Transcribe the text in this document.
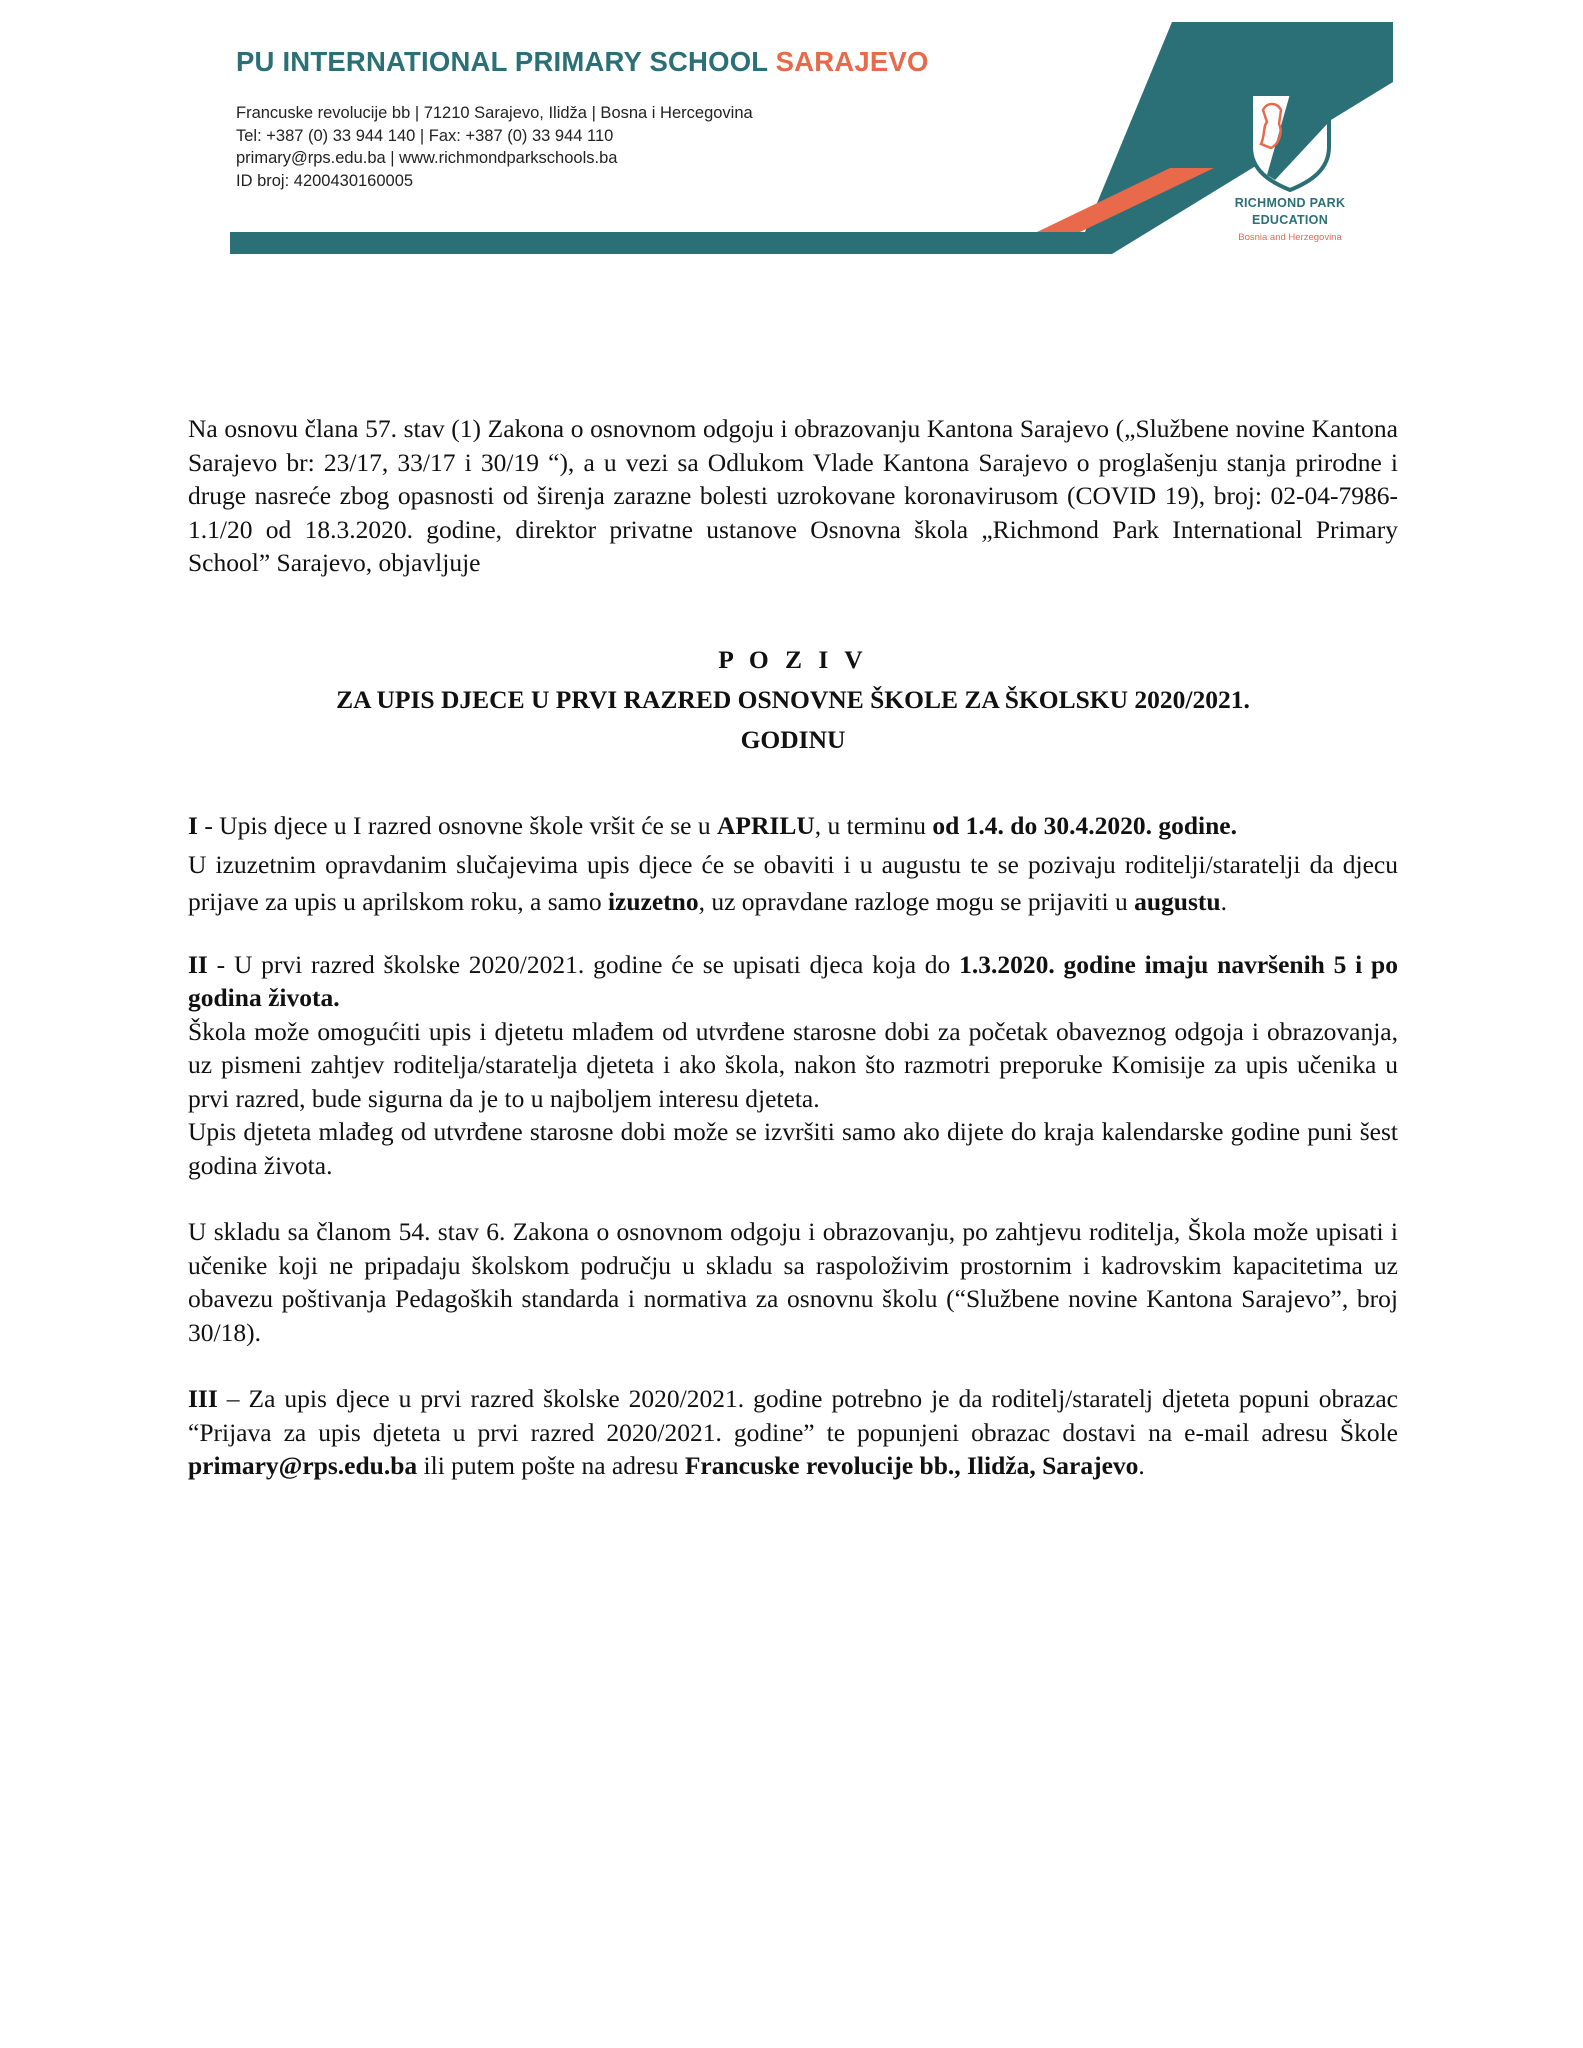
PU INTERNATIONAL PRIMARY SCHOOL SARAJEVO
Francuske revolucije bb | 71210 Sarajevo, Ilidža | Bosna i Hercegovina
Tel: +387 (0) 33 944 140 | Fax: +387 (0) 33 944 110
primary@rps.edu.ba | www.richmondparkschools.ba
ID broj: 4200430160005
RICHMOND PARK
EDUCATION
Bosnia and Herzegovina

Na osnovu člana 57. stav (1) Zakona o osnovnom odgoju i obrazovanju Kantona Sarajevo („Službene novine Kantona Sarajevo br: 23/17, 33/17 i 30/19 “), a u vezi sa Odlukom Vlade Kantona Sarajevo o proglašenju stanja prirodne i druge nasreće zbog opasnosti od širenja zarazne bolesti uzrokovane koronavirusom (COVID 19), broj: 02-04-7986-1.1/20 od 18.3.2020. godine, direktor privatne ustanove Osnovna škola „Richmond Park International Primary School” Sarajevo, objavljuje

P O Z I V

ZA UPIS DJECE U PRVI RAZRED OSNOVNE ŠKOLE ZA ŠKOLSKU 2020/2021.

GODINU

I - Upis djece u I razred osnovne škole vršit će se u APRILU, u terminu od 1.4. do 30.4.2020. godine.

U izuzetnim opravdanim slučajevima upis djece će se obaviti i u augustu te se pozivaju roditelji/staratelji da djecu prijave za upis u aprilskom roku, a samo izuzetno, uz opravdane razloge mogu se prijaviti u augustu.

II - U prvi razred školske 2020/2021. godine će se upisati djeca koja do 1.3.2020. godine imaju navršenih 5 i po godina života.

Škola može omogućiti upis i djetetu mlađem od utvrđene starosne dobi za početak obaveznog odgoja i obrazovanja, uz pismeni zahtjev roditelja/staratelja djeteta i ako škola, nakon što razmotri preporuke Komisije za upis učenika u prvi razred, bude sigurna da je to u najboljem interesu djeteta.

Upis djeteta mlađeg od utvrđene starosne dobi može se izvršiti samo ako dijete do kraja kalendarske godine puni šest godina života.

U skladu sa članom 54. stav 6. Zakona o osnovnom odgoju i obrazovanju, po zahtjevu roditelja, Škola može upisati i učenike koji ne pripadaju školskom području u skladu sa raspoloživim prostornim i kadrovskim kapacitetima uz obavezu poštivanja Pedagoških standarda i normativa za osnovnu školu (“Službene novine Kantona Sarajevo”, broj 30/18).

III – Za upis djece u prvi razred školske 2020/2021. godine potrebno je da roditelj/staratelj djeteta popuni obrazac “Prijava za upis djeteta u prvi razred 2020/2021. godine” te popunjeni obrazac dostavi na e-mail adresu Škole primary@rps.edu.ba ili putem pošte na adresu Francuske revolucije bb., Ilidža, Sarajevo.
